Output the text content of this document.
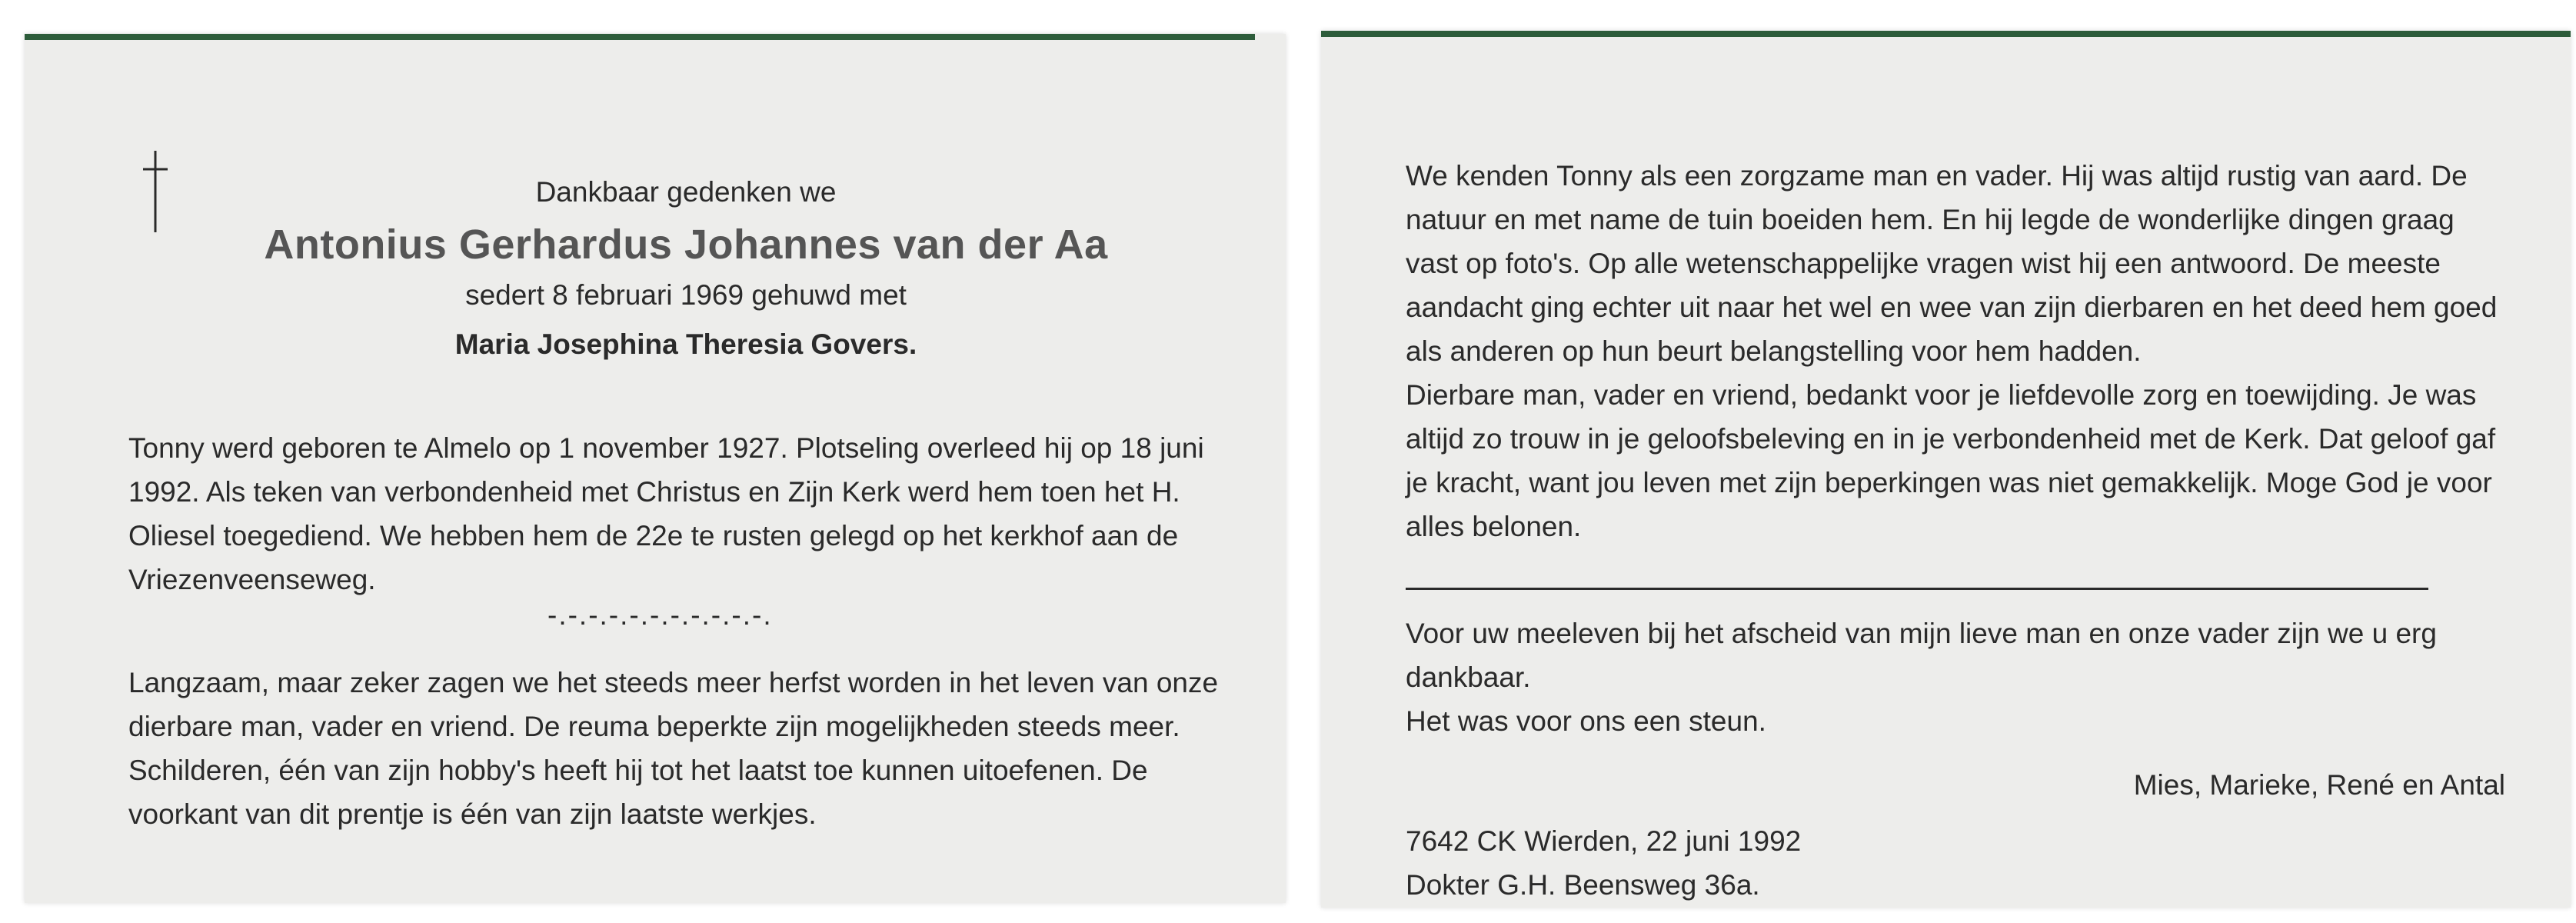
Dankbaar gedenken we

Antonius Gerhardus Johannes van der Aa

sedert 8 februari 1969 gehuwd met

Maria Josephina Theresia Govers.

Tonny werd geboren te Almelo op 1 november 1927. Plotseling overleed hij op 18 juni 1992. Als teken van verbondenheid met Christus en Zijn Kerk werd hem toen het H. Oliesel toegediend. We hebben hem de 22e te rusten gelegd op het kerkhof aan de Vriezenveenseweg.

-.-.-.-.-.-.-.-.-.-.-.

Langzaam, maar zeker zagen we het steeds meer herfst worden in het leven van onze dierbare man, vader en vriend. De reuma beperkte zijn mogelijkheden steeds meer. Schilderen, één van zijn hobby's heeft hij tot het laatst toe kunnen uitoefenen. De voorkant van dit prentje is één van zijn laatste werkjes.

We kenden Tonny als een zorgzame man en vader. Hij was altijd rustig van aard. De natuur en met name de tuin boeiden hem. En hij legde de wonderlijke dingen graag vast op foto's. Op alle wetenschappelijke vragen wist hij een antwoord. De meeste aandacht ging echter uit naar het wel en wee van zijn dierbaren en het deed hem goed als anderen op hun beurt belangstelling voor hem hadden.

Dierbare man, vader en vriend, bedankt voor je liefdevolle zorg en toewijding. Je was altijd zo trouw in je geloofsbeleving en in je verbondenheid met de Kerk. Dat geloof gaf je kracht, want jou leven met zijn beperkingen was niet gemakkelijk. Moge God je voor alles belonen.

Voor uw meeleven bij het afscheid van mijn lieve man en onze vader zijn we u erg dankbaar.
Het was voor ons een steun.
Mies, Marieke, René en Antal
7642 CK Wierden, 22 juni 1992
Dokter G.H. Beensweg 36a.
